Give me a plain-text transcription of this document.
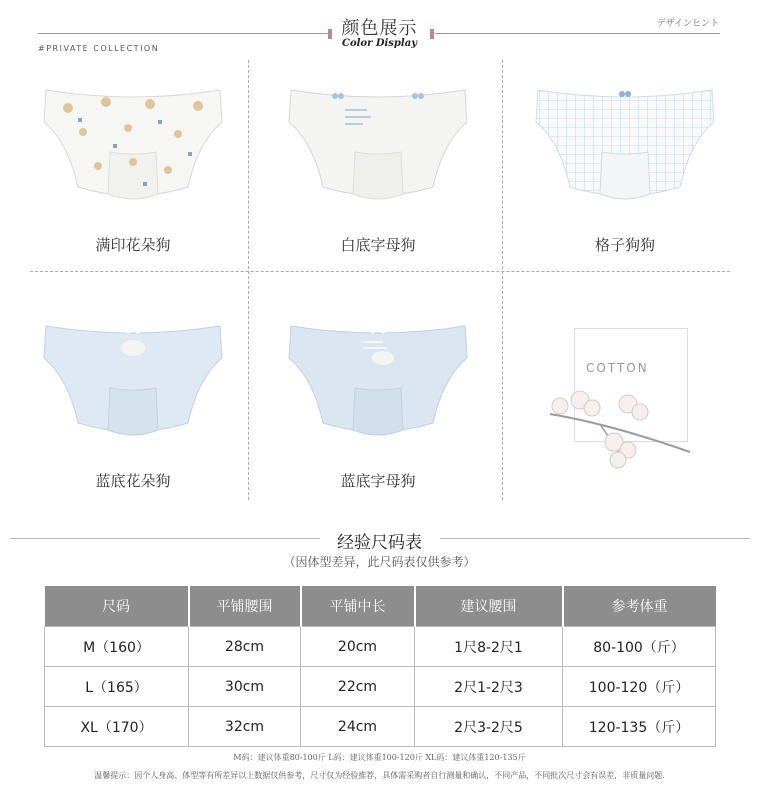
颜色展示
Color Display
#PRIVATE COLLECTION
デザインヒント
满印花朵狗	白底字母狗	格子狗狗
蓝底花朵狗	蓝底字母狗
COTTON
经验尺码表
（因体型差异，此尺码表仅供参考）
尺码	平铺腰围	平铺中长	建议腰围	参考体重
M（160）	28cm	20cm	1尺8-2尺1	80-100（斤）
L（165）	30cm	22cm	2尺1-2尺3	100-120（斤）
XL（170）	32cm	24cm	2尺3-2尺5	120-135（斤）
M码：建议体重80-100斤 L码：建议体重100-120斤 XL码：建议体重120-135斤
温馨提示：因个人身高、体型等有所差异以上数据仅供参考，尺寸仅为经验推荐，具体需采购者自行测量和确认，不同产品，不同批次尺寸会有误差，非质量问题.
